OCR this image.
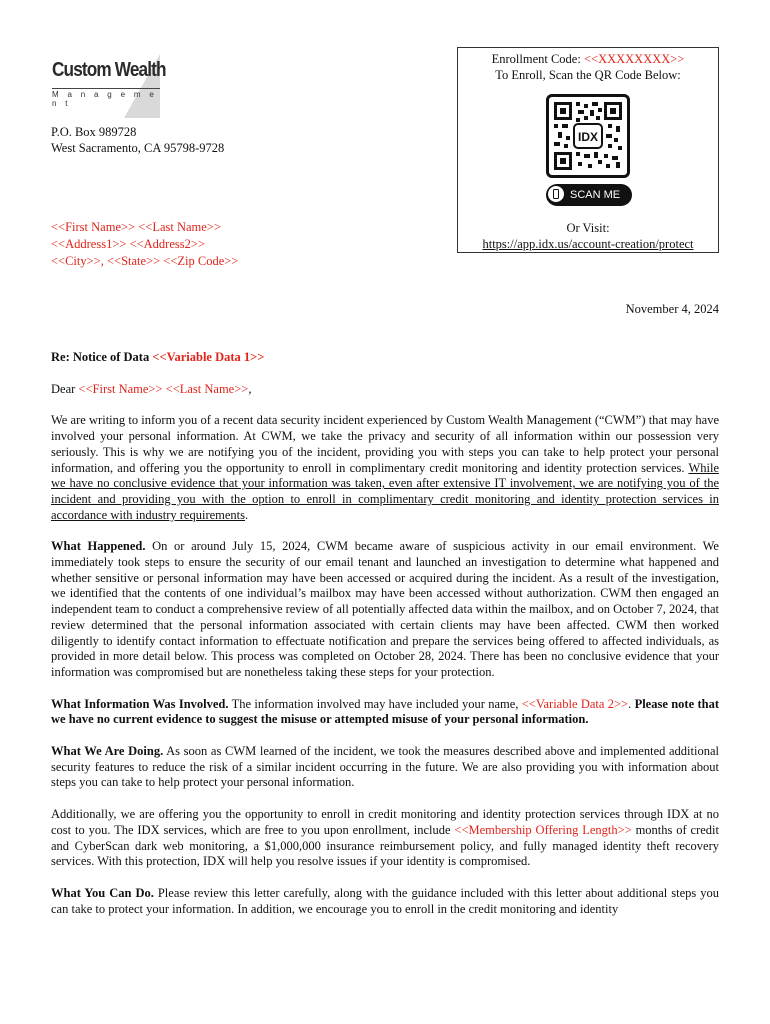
Custom Wealth
M a n a g e m e n t
P.O. Box 989728
West Sacramento, CA 95798-9728
<<First Name>> <<Last Name>>
<<Address1>> <<Address2>>
<<City>>, <<State>> <<Zip Code>>
Enrollment Code: <<XXXXXXXX>>
To Enroll, Scan the QR Code Below:
IDX
SCAN ME
Or Visit:
https://app.idx.us/account-creation/protect
November 4, 2024

Re: Notice of Data <<Variable Data 1>>

Dear <<First Name>> <<Last Name>>,

We are writing to inform you of a recent data security incident experienced by Custom Wealth Management (“CWM”) that may have involved your personal information. At CWM, we take the privacy and security of all information within our possession very seriously. This is why we are notifying you of the incident, providing you with steps you can take to help protect your personal information, and offering you the opportunity to enroll in complimentary credit monitoring and identity protection services. While we have no conclusive evidence that your information was taken, even after extensive IT involvement, we are notifying you of the incident and providing you with the option to enroll in complimentary credit monitoring and identity protection services in accordance with industry requirements.

What Happened. On or around July 15, 2024, CWM became aware of suspicious activity in our email environment. We immediately took steps to ensure the security of our email tenant and launched an investigation to determine what happened and whether sensitive or personal information may have been accessed or acquired during the incident. As a result of the investigation, we identified that the contents of one individual’s mailbox may have been accessed without authorization. CWM then engaged an independent team to conduct a comprehensive review of all potentially affected data within the mailbox, and on October 7, 2024, that review determined that the personal information associated with certain clients may have been affected. CWM then worked diligently to identify contact information to effectuate notification and prepare the services being offered to affected individuals, as provided in more detail below. This process was completed on October 28, 2024. There has been no conclusive evidence that your information was compromised but are nonetheless taking these steps for your protection.

What Information Was Involved. The information involved may have included your name, <<Variable Data 2>>. Please note that we have no current evidence to suggest the misuse or attempted misuse of your personal information.

What We Are Doing. As soon as CWM learned of the incident, we took the measures described above and implemented additional security features to reduce the risk of a similar incident occurring in the future. We are also providing you with information about steps you can take to help protect your personal information.

Additionally, we are offering you the opportunity to enroll in credit monitoring and identity protection services through IDX at no cost to you. The IDX services, which are free to you upon enrollment, include <<Membership Offering Length>> months of credit and CyberScan dark web monitoring, a $1,000,000 insurance reimbursement policy, and fully managed identity theft recovery services. With this protection, IDX will help you resolve issues if your identity is compromised.

What You Can Do. Please review this letter carefully, along with the guidance included with this letter about additional steps you can take to protect your information. In addition, we encourage you to enroll in the credit monitoring and identity
